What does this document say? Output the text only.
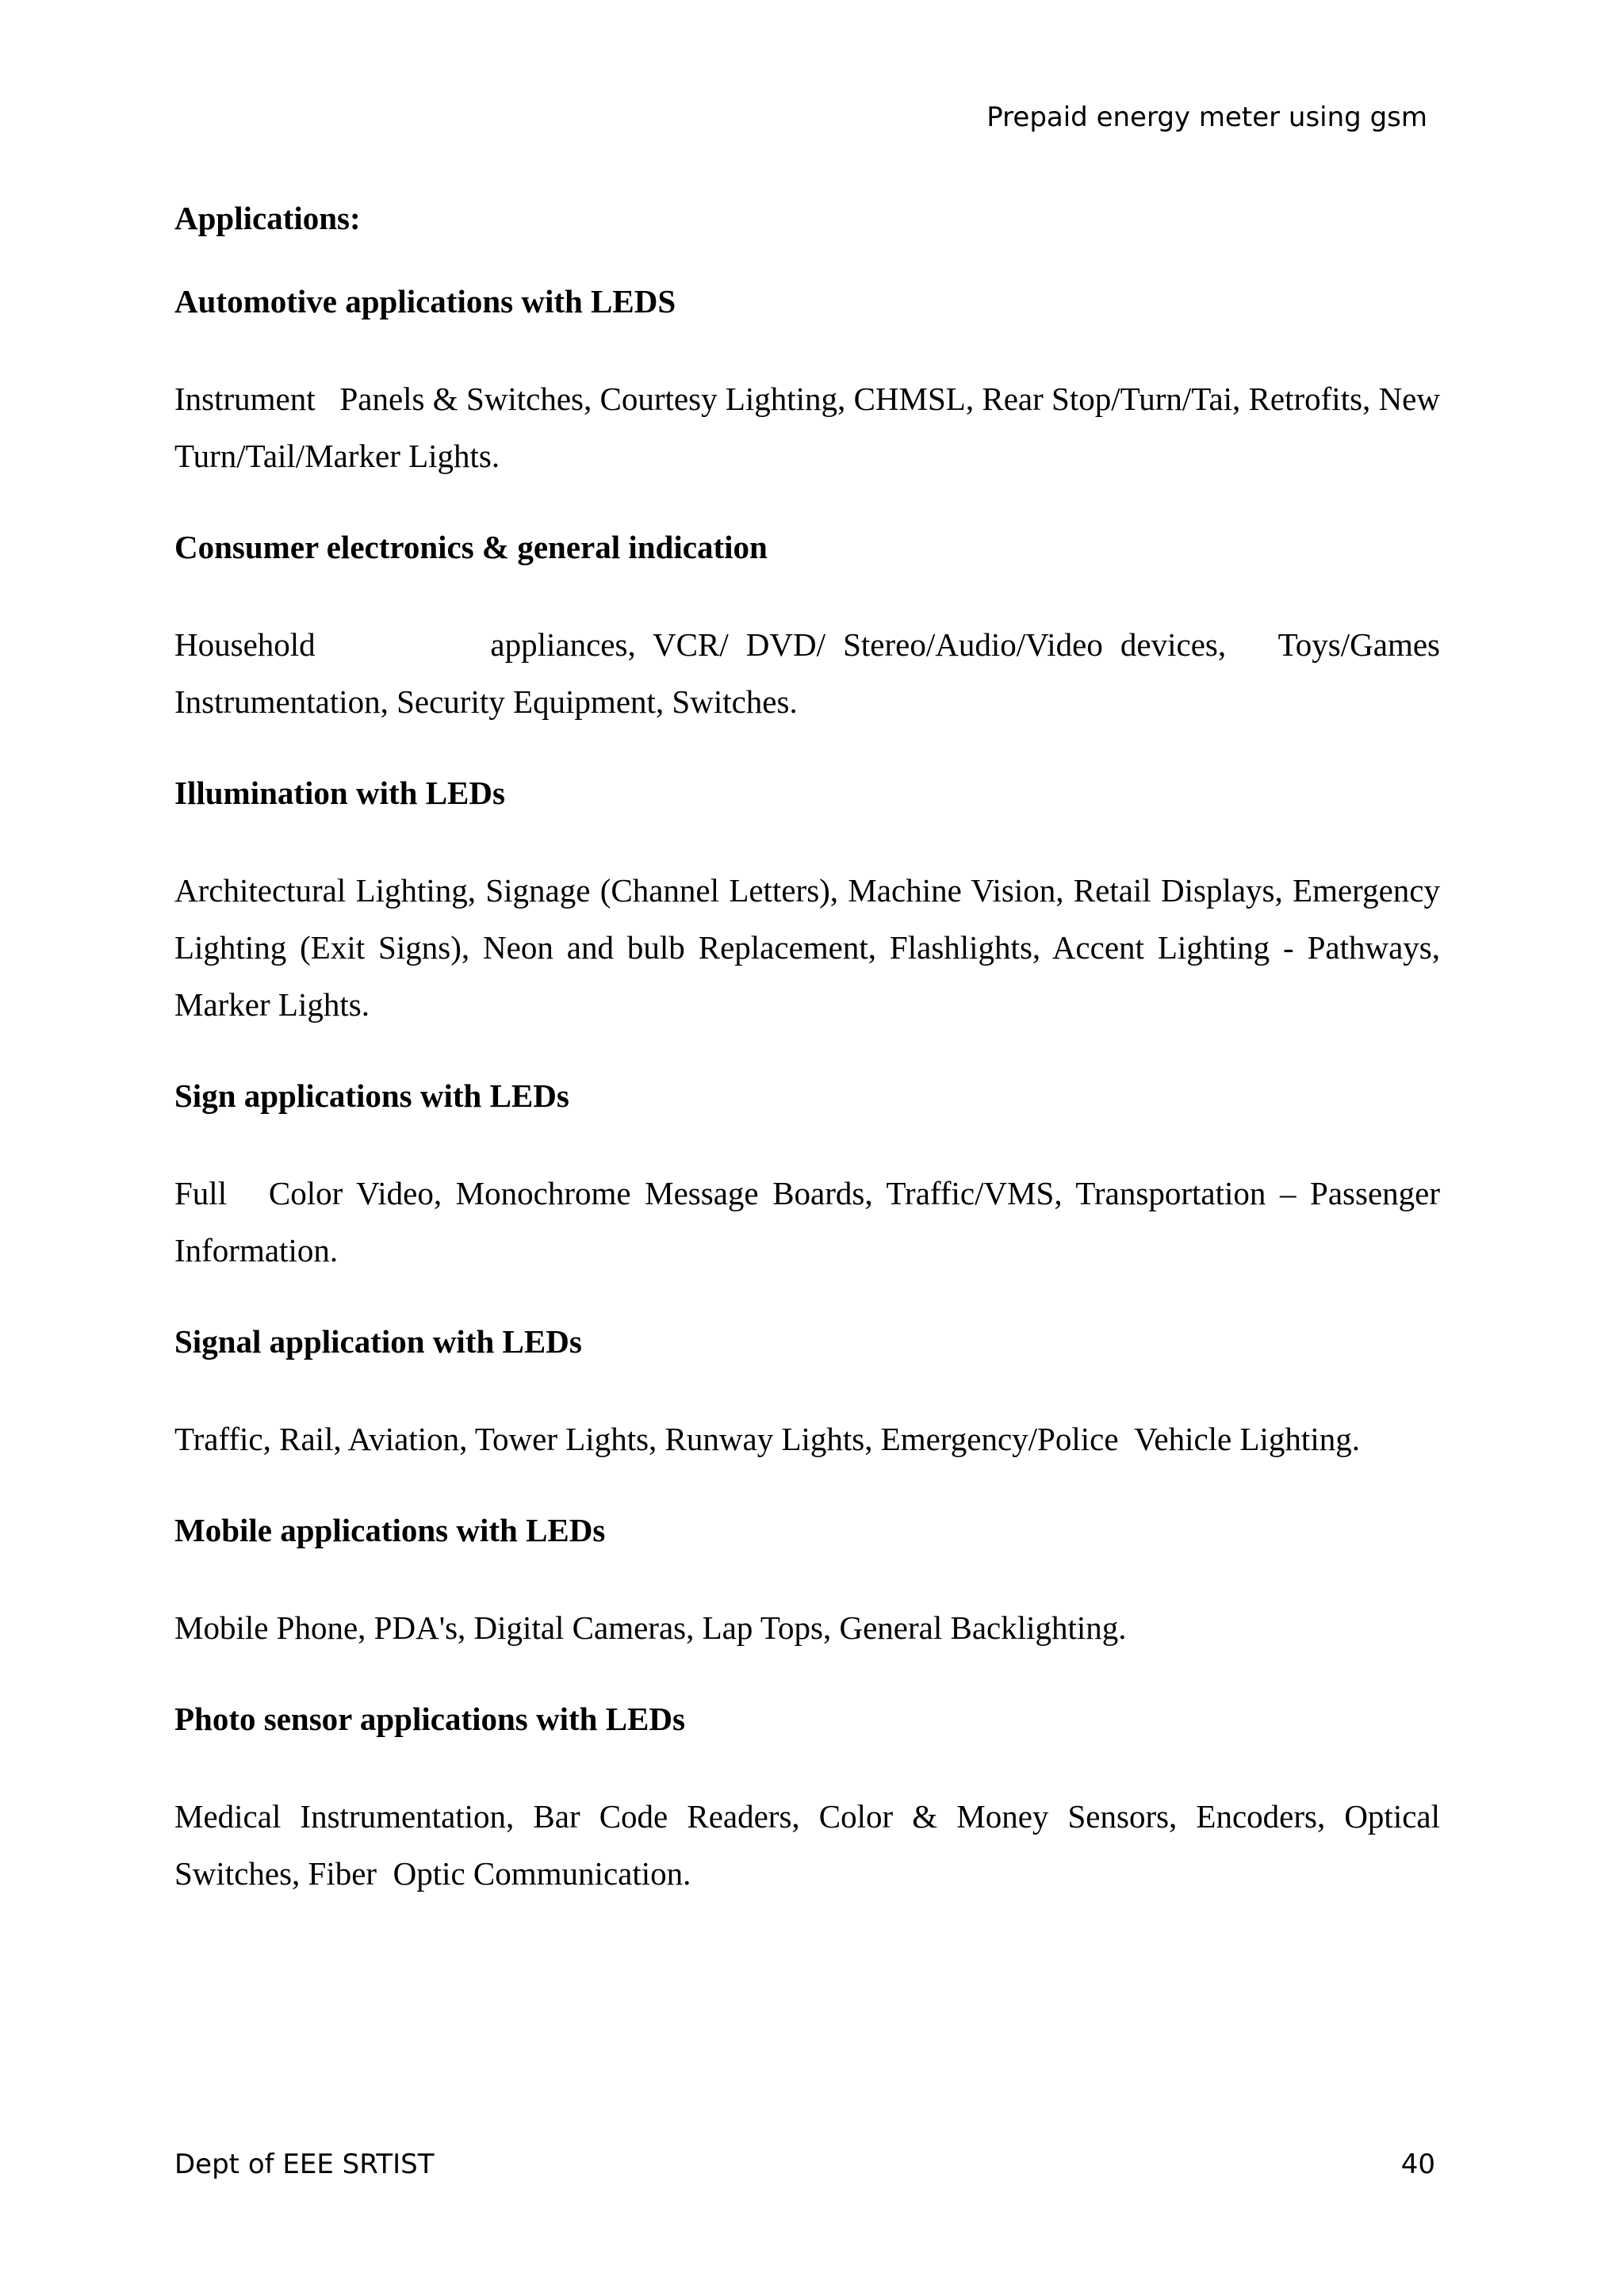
Prepaid energy meter using gsm
Applications:
Automotive applications with LEDS
Instrument   Panels & Switches, Courtesy Lighting, CHMSL, Rear Stop/Turn/Tai, Retrofits, New Turn/Tail/Marker Lights.
Consumer electronics & general indication
Household          appliances, VCR/ DVD/ Stereo/Audio/Video devices,   Toys/Games Instrumentation, Security Equipment, Switches.
Illumination with LEDs
Architectural Lighting, Signage (Channel Letters), Machine Vision, Retail Displays, Emergency Lighting (Exit Signs), Neon and bulb Replacement, Flashlights, Accent Lighting - Pathways, Marker Lights.
Sign applications with LEDs
Full   Color Video, Monochrome Message Boards, Traffic/VMS, Transportation – Passenger Information.
Signal application with LEDs
Traffic, Rail, Aviation, Tower Lights, Runway Lights, Emergency/Police  Vehicle Lighting.
Mobile applications with LEDs
Mobile Phone, PDA's, Digital Cameras, Lap Tops, General Backlighting.
Photo sensor applications with LEDs
Medical Instrumentation, Bar Code Readers, Color & Money Sensors, Encoders, Optical Switches, Fiber  Optic Communication.
Dept of EEE SRTIST	40
